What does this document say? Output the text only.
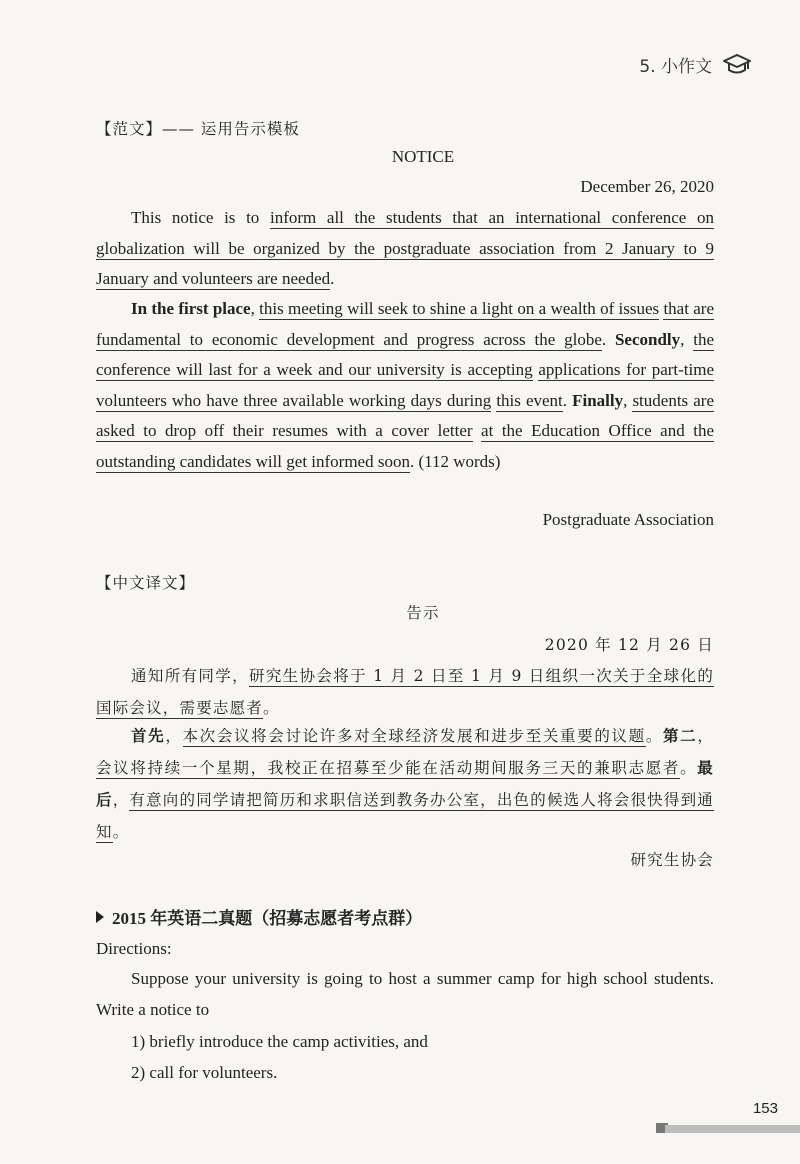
5. 小作文
【范文】—— 运用告示模板
NOTICE
December 26, 2020
This notice is to inform all the students that an international conference on globalization will be organized by the postgraduate association from 2 January to 9 January and volunteers are needed.
In the first place, this meeting will seek to shine a light on a wealth of issues that are fundamental to economic development and progress across the globe. Secondly, the conference will last for a week and our university is accepting applications for part-time volunteers who have three available working days during this event. Finally, students are asked to drop off their resumes with a cover letter at the Education Office and the outstanding candidates will get informed soon. (112 words)
Postgraduate Association
【中文译文】
告示
2020 年 12 月 26 日
通知所有同学，研究生协会将于 1 月 2 日至 1 月 9 日组织一次关于全球化的国际会议，需要志愿者。
首先，本次会议将会讨论许多对全球经济发展和进步至关重要的议题。第二，会议将持续一个星期，我校正在招募至少能在活动期间服务三天的兼职志愿者。最后，有意向的同学请把简历和求职信送到教务办公室，出色的候选人将会很快得到通知。
研究生协会
2015 年英语二真题（招募志愿者考点群）
Directions:
Suppose your university is going to host a summer camp for high school students. Write a notice to
1) briefly introduce the camp activities, and
2) call for volunteers.
153
